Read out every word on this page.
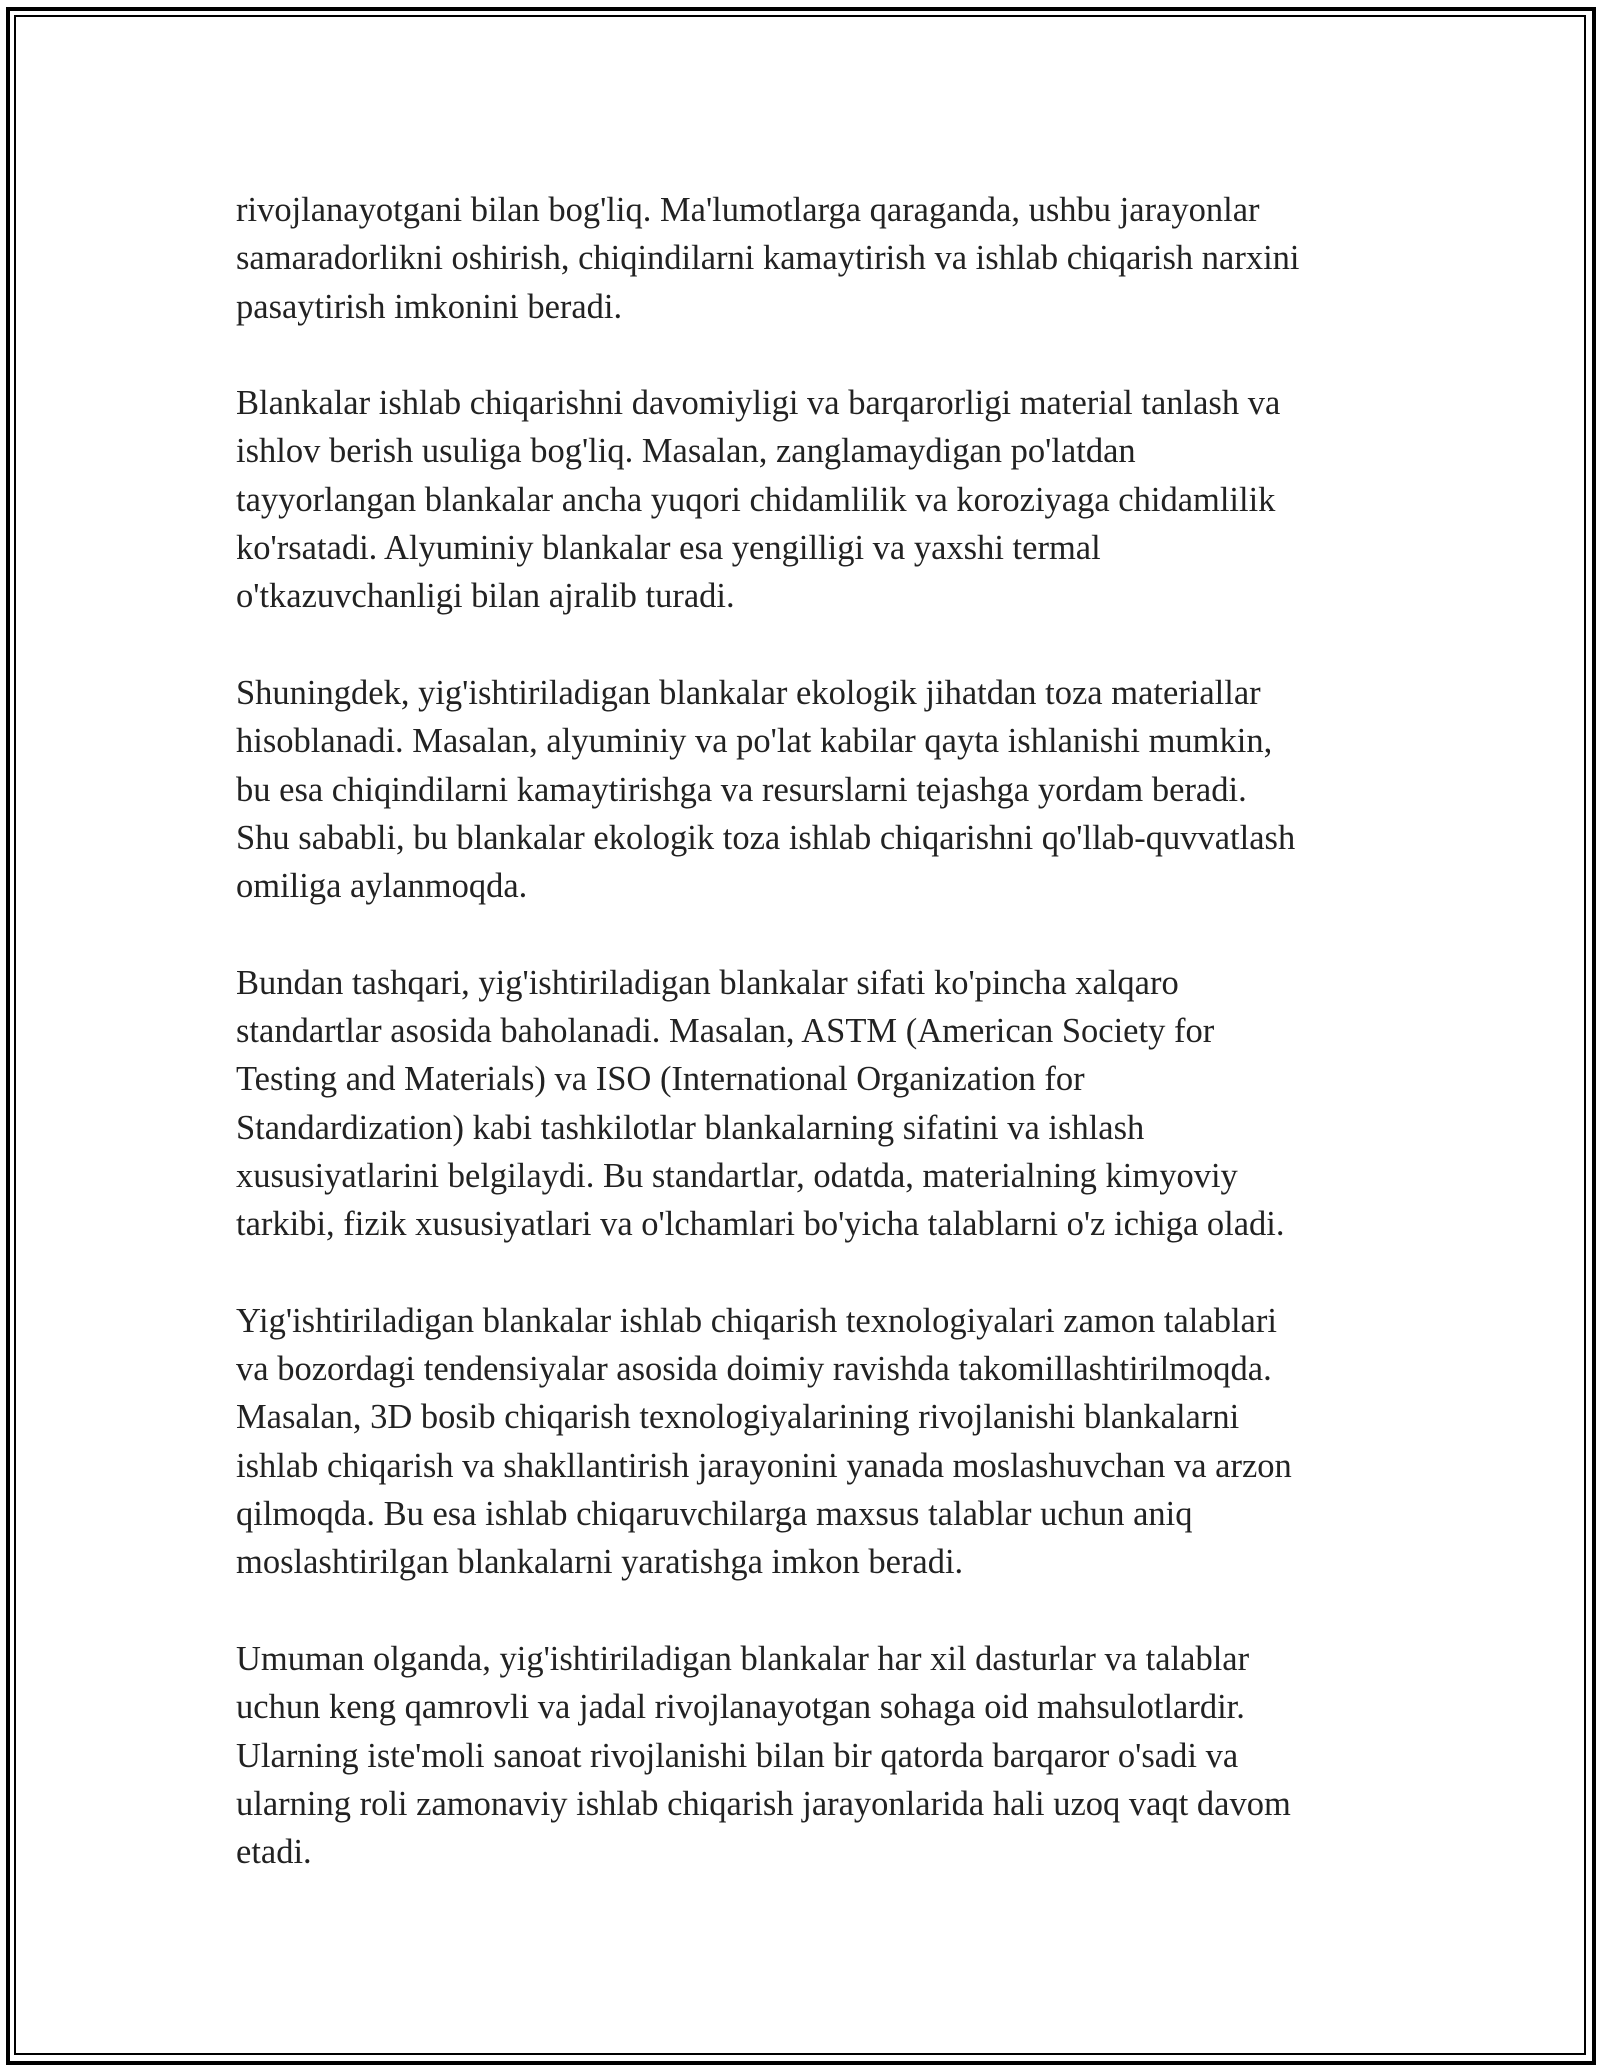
rivojlanayotgani bilan bog'liq. Ma'lumotlarga qaraganda, ushbu jarayonlar
samaradorlikni oshirish, chiqindilarni kamaytirish va ishlab chiqarish narxini
pasaytirish imkonini beradi.

Blankalar ishlab chiqarishni davomiyligi va barqarorligi material tanlash va
ishlov berish usuliga bog'liq. Masalan, zanglamaydigan po'latdan
tayyorlangan blankalar ancha yuqori chidamlilik va koroziyaga chidamlilik
ko'rsatadi. Alyuminiy blankalar esa yengilligi va yaxshi termal
o'tkazuvchanligi bilan ajralib turadi.

Shuningdek, yig'ishtiriladigan blankalar ekologik jihatdan toza materiallar
hisoblanadi. Masalan, alyuminiy va po'lat kabilar qayta ishlanishi mumkin,
bu esa chiqindilarni kamaytirishga va resurslarni tejashga yordam beradi.
Shu sababli, bu blankalar ekologik toza ishlab chiqarishni qo'llab-quvvatlash
omiliga aylanmoqda.

Bundan tashqari, yig'ishtiriladigan blankalar sifati ko'pincha xalqaro
standartlar asosida baholanadi. Masalan, ASTM (American Society for
Testing and Materials) va ISO (International Organization for
Standardization) kabi tashkilotlar blankalarning sifatini va ishlash
xususiyatlarini belgilaydi. Bu standartlar, odatda, materialning kimyoviy
tarkibi, fizik xususiyatlari va o'lchamlari bo'yicha talablarni o'z ichiga oladi.

Yig'ishtiriladigan blankalar ishlab chiqarish texnologiyalari zamon talablari
va bozordagi tendensiyalar asosida doimiy ravishda takomillashtirilmoqda.
Masalan, 3D bosib chiqarish texnologiyalarining rivojlanishi blankalarni
ishlab chiqarish va shakllantirish jarayonini yanada moslashuvchan va arzon
qilmoqda. Bu esa ishlab chiqaruvchilarga maxsus talablar uchun aniq
moslashtirilgan blankalarni yaratishga imkon beradi.

Umuman olganda, yig'ishtiriladigan blankalar har xil dasturlar va talablar
uchun keng qamrovli va jadal rivojlanayotgan sohaga oid mahsulotlardir.
Ularning iste'moli sanoat rivojlanishi bilan bir qatorda barqaror o'sadi va
ularning roli zamonaviy ishlab chiqarish jarayonlarida hali uzoq vaqt davom
etadi.
